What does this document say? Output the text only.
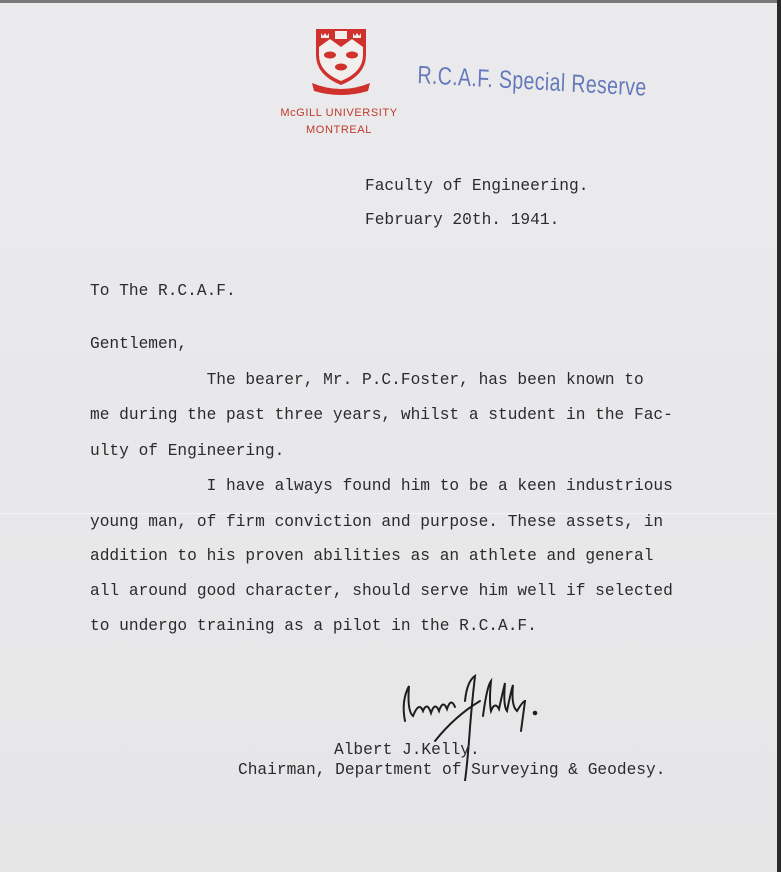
McGILL UNIVERSITY
MONTREAL
R.C.A.F. Special Reserve
Faculty of Engineering.
February 20th. 1941.
To The R.C.A.F.
Gentlemen,
The bearer, Mr. P.C.Foster, has been known to
me during the past three years, whilst a student in the Fac-
ulty of Engineering.
I have always found him to be a keen industrious
young man, of firm conviction and purpose. These assets, in
addition to his proven abilities as an athlete and general
all around good character, should serve him well if selected
to undergo training as a pilot in the R.C.A.F.
Albert J.Kelly.
Chairman, Department of Surveying & Geodesy.
